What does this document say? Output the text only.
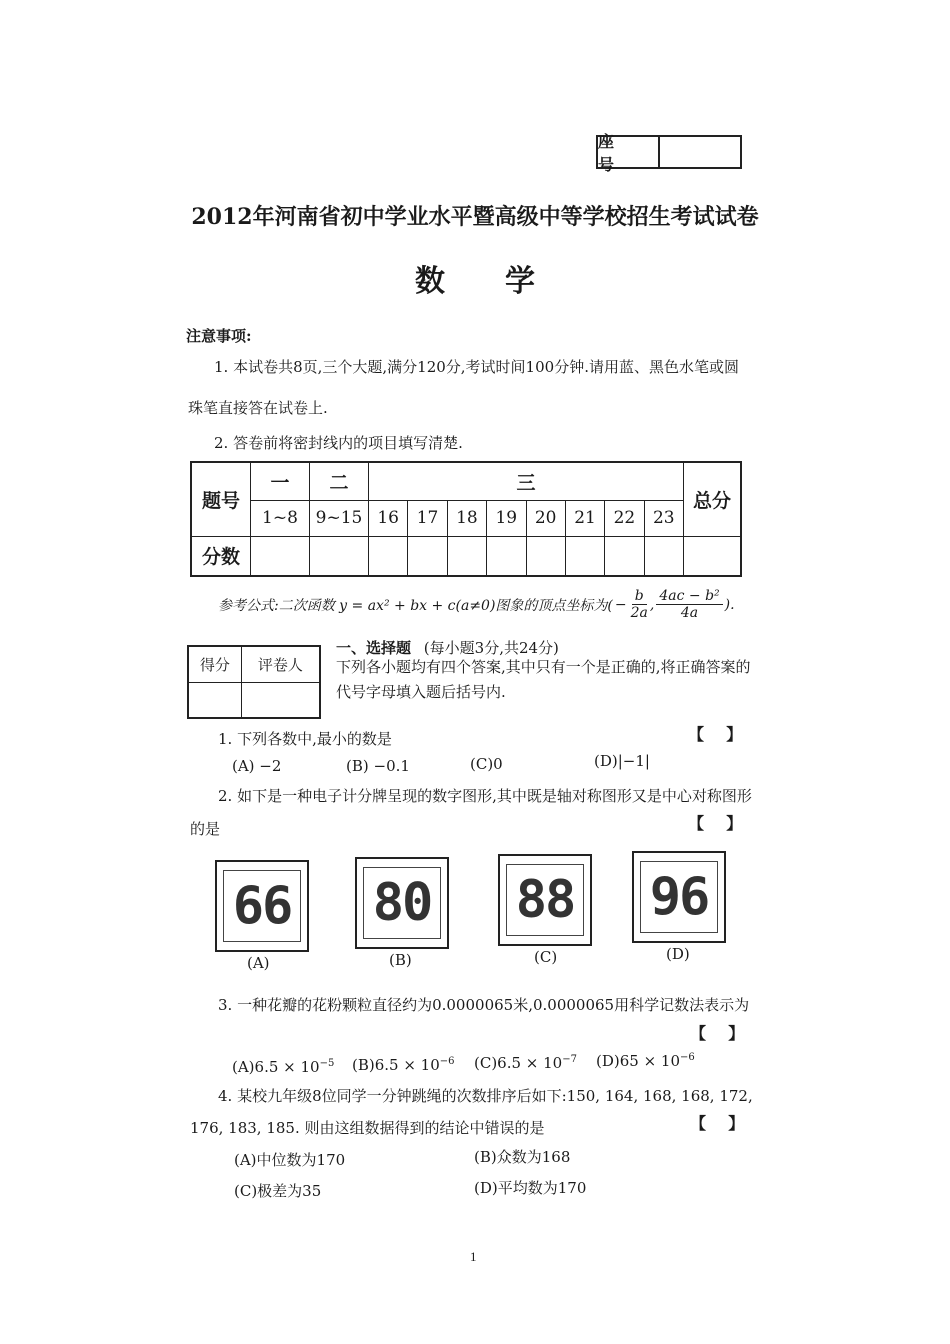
座 号
2012年河南省初中学业水平暨高级中等学校招生考试试卷
数学
注意事项:
1. 本试卷共8页,三个大题,满分120分,考试时间100分钟.请用蓝、黑色水笔或圆
珠笔直接答在试卷上.
2. 答卷前将密封线内的项目填写清楚.
题号	一	二	三								总分
	1~8	9~15	16	17	18	19	20	21	22	23	
分数											
参考公式:二次函数 y = ax² + bx + c(a≠0)图象的顶点坐标为( − $\frac{b}{2a}$ , $\frac{\text{4ac − b²}}{4a}$ ).
得分	评卷人

一、选择题 (每小题3分,共24分)
下列各小题均有四个答案,其中只有一个是正确的,将正确答案的
代号字母填入题后括号内.
1. 下列各数中,最小的数是	【    】
(A) −2	(B) −0.1	(C)0	(D)|−1|
2. 如下是一种电子计分牌呈现的数字图形,其中既是轴对称图形又是中心对称图形
的是	【    】
66
(A)
80
(B)
88
(C)
96
(D)
3. 一种花瓣的花粉颗粒直径约为0.0000065米,0.0000065用科学记数法表示为
【    】
$(A)6.5 \times 10^{-5}$ $(B)6.5 \times 10^{-6}$ $(C)6.5 \times 10^{-7}$ $(D)65 \times 10^{-6}$
4. 某校九年级8位同学一分钟跳绳的次数排序后如下:150, 164, 168, 168, 172,
176, 183, 185. 则由这组数据得到的结论中错误的是	【    】
(A)中位数为170	(B)众数为168
(C)极差为35	(D)平均数为170
1
